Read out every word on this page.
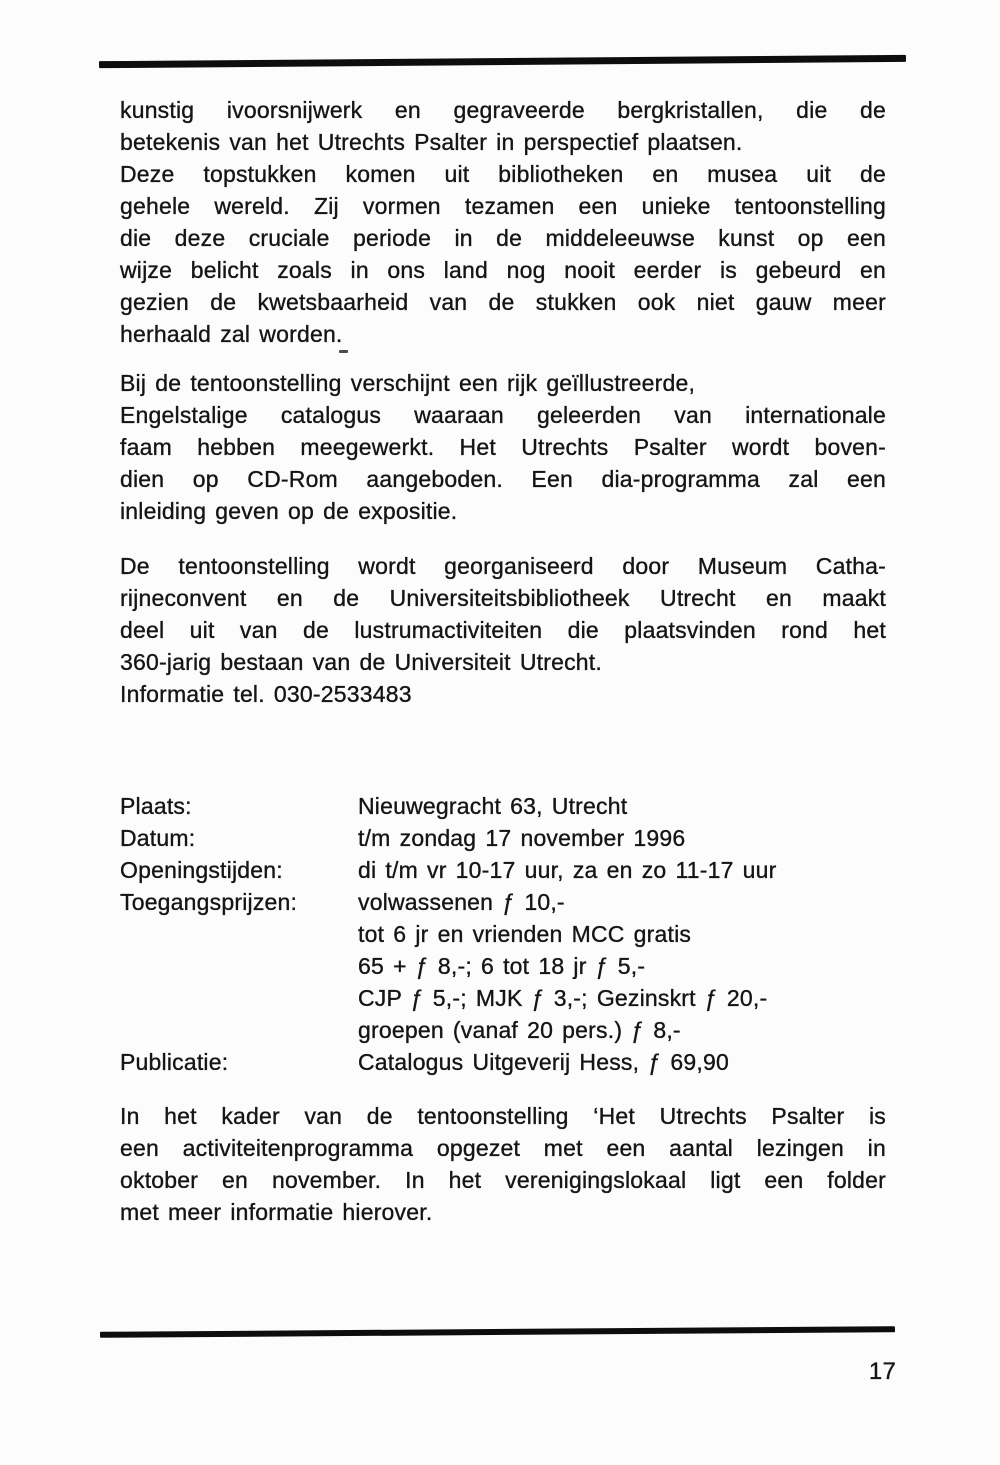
kunstig ivoorsnijwerk en gegraveerde bergkristallen, die de
betekenis van het Utrechts Psalter in perspectief plaatsen.
Deze topstukken komen uit bibliotheken en musea uit de
gehele wereld. Zij vormen tezamen een unieke tentoonstelling
die deze cruciale periode in de middeleeuwse kunst op een
wijze belicht zoals in ons land nog nooit eerder is gebeurd en
gezien de kwetsbaarheid van de stukken ook niet gauw meer
herhaald zal worden.
Bij de tentoonstelling verschijnt een rijk geïllustreerde,
Engelstalige catalogus waaraan geleerden van internationale
faam hebben meegewerkt. Het Utrechts Psalter wordt boven-
dien op CD-Rom aangeboden. Een dia-programma zal een
inleiding geven op de expositie.
De tentoonstelling wordt georganiseerd door Museum Catha-
rijneconvent en de Universiteitsbibliotheek Utrecht en maakt
deel uit van de lustrumactiviteiten die plaatsvinden rond het
360-jarig bestaan van de Universiteit Utrecht.
Informatie tel. 030-2533483
Plaats:	Nieuwegracht 63, Utrecht
Datum:	t/m zondag 17 november 1996
Openingstijden:	di t/m vr 10-17 uur, za en zo 11-17 uur
Toegangsprijzen:	volwassenen ƒ 10,-
tot 6 jr en vrienden MCC gratis
65 + ƒ 8,-; 6 tot 18 jr ƒ 5,-
CJP ƒ 5,-; MJK ƒ 3,-; Gezinskrt ƒ 20,-
groepen (vanaf 20 pers.) ƒ 8,-
Publicatie:	Catalogus Uitgeverij Hess, ƒ 69,90
In het kader van de tentoonstelling ‘Het Utrechts Psalter is
een activiteitenprogramma opgezet met een aantal lezingen in
oktober en november. In het verenigingslokaal ligt een folder
met meer informatie hierover.
17
